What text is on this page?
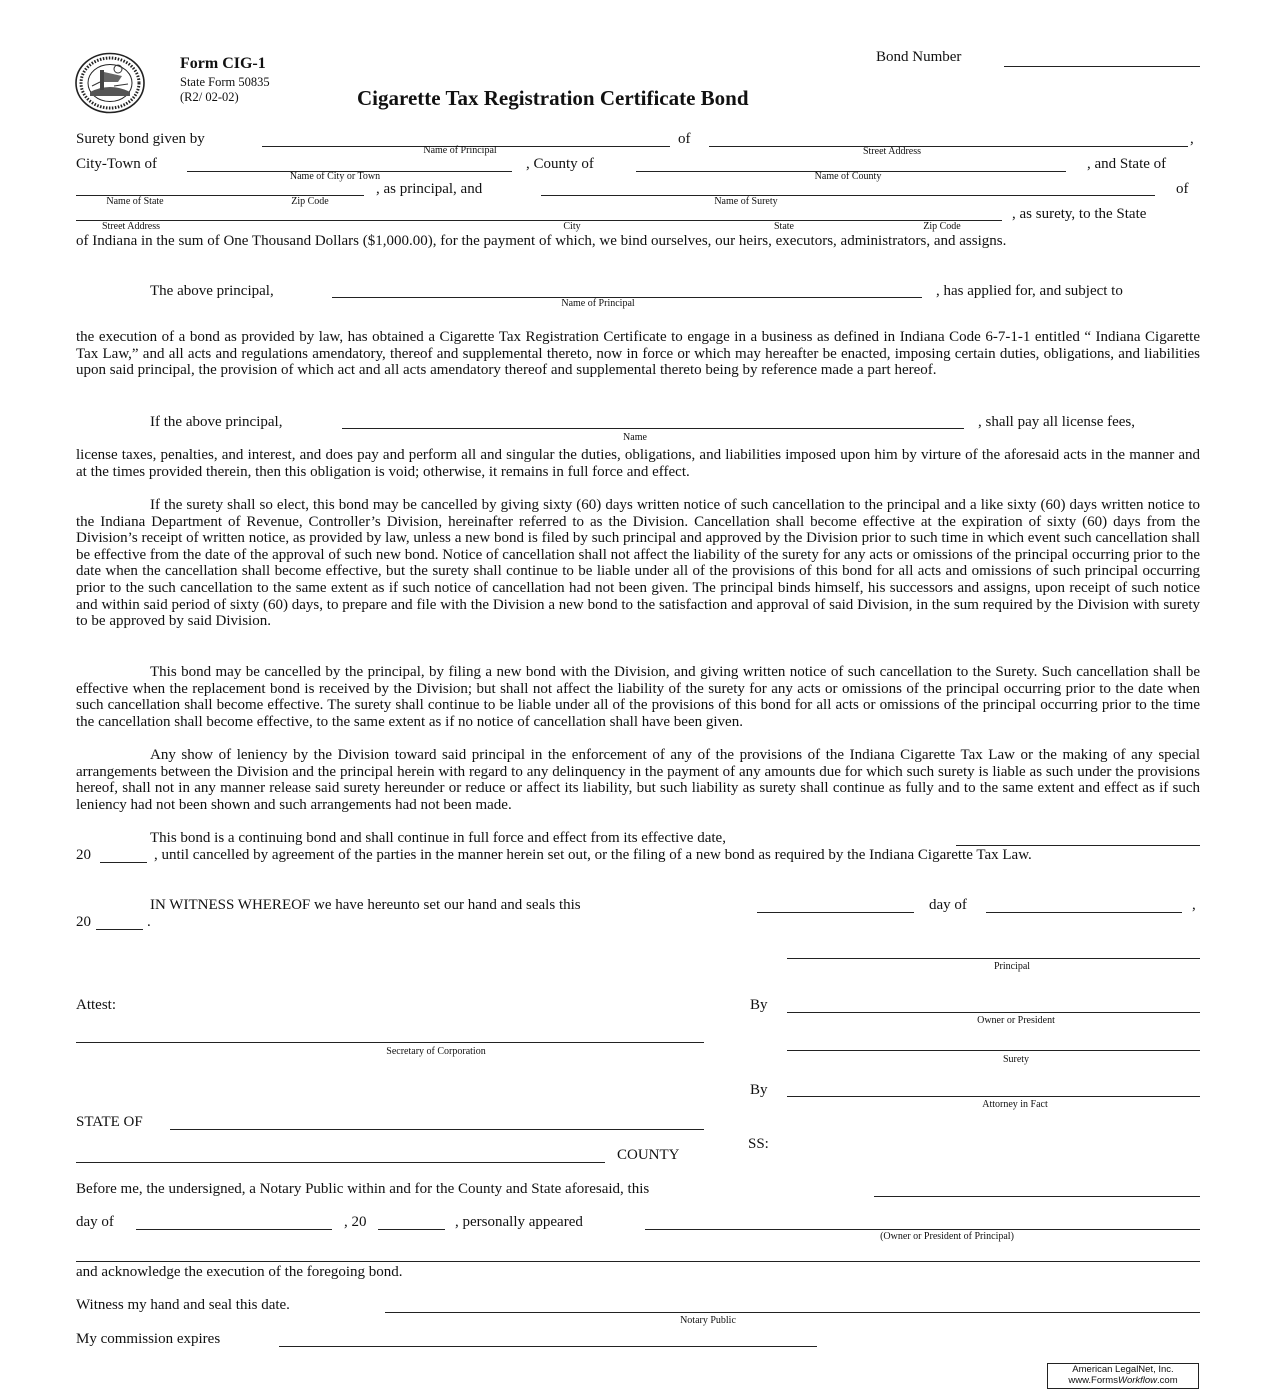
Form CIG-1
State Form 50835
(R2/ 02-02)	Cigarette Tax Registration Certificate Bond
Bond Number
Surety bond given by
Name of Principal
of
Street Address
,
City-Town of
Name of City or Town
, County of
Name of County
, and State of
Name of State	Zip Code
, as principal, and
Name of Surety
of
Street Address	City	State	Zip Code
, as surety, to the State
of Indiana in the sum of One Thousand Dollars ($1,000.00), for the payment of which, we bind ourselves, our heirs, executors, administrators, and assigns.
The above principal,
Name of Principal
, has applied for, and subject to
the execution of a bond as provided by law, has obtained a Cigarette Tax Registration Certificate to engage in a business as defined in Indiana Code 6-7-1-1 entitled “ Indiana Cigarette Tax Law,” and all acts and regulations amendatory, thereof and supplemental thereto, now in force or which may hereafter be enacted, imposing certain duties, obligations, and liabilities upon said principal, the provision of which act and all acts amendatory thereof and supplemental thereto being by reference made a part hereof.
If the above principal,
Name
, shall pay all license fees,
license taxes, penalties, and interest, and does pay and perform all and singular the duties, obligations, and liabilities imposed upon him by virture of the aforesaid acts in the manner and at the times provided therein, then this obligation is void; otherwise, it remains in full force and effect.
If the surety shall so elect, this bond may be cancelled by giving sixty (60) days written notice of such cancellation to the principal and a like sixty (60) days written notice to the Indiana Department of Revenue, Controller’s Division, hereinafter referred to as the Division. Cancellation shall become effective at the expiration of sixty (60) days from the Division’s receipt of written notice, as provided by law, unless a new bond is filed by such principal and approved by the Division prior to such time in which event such cancellation shall be effective from the date of the approval of such new bond. Notice of cancellation shall not affect the liability of the surety for any acts or omissions of the principal occurring prior to the date when the cancellation shall become effective, but the surety shall continue to be liable under all of the provisions of this bond for all acts and omissions of such principal occurring prior to the such cancellation to the same extent as if such notice of cancellation had not been given. The principal binds himself, his successors and assigns, upon receipt of such notice and within said period of sixty (60) days, to prepare and file with the Division a new bond to the satisfaction and approval of said Division, in the sum required by the Division with surety to be approved by said Division.
This bond may be cancelled by the principal, by filing a new bond with the Division, and giving written notice of such cancellation to the Surety. Such cancellation shall be effective when the replacement bond is received by the Division; but shall not affect the liability of the surety for any acts or omissions of the principal occurring prior to the date when such cancellation shall become effective. The surety shall continue to be liable under all of the provisions of this bond for all acts or omissions of the principal occurring prior to the time the cancellation shall become effective, to the same extent as if no notice of cancellation shall have been given.
Any show of leniency by the Division toward said principal in the enforcement of any of the provisions of the Indiana Cigarette Tax Law or the making of any special arrangements between the Division and the principal herein with regard to any delinquency in the payment of any amounts due for which such surety is liable as such under the provisions hereof, shall not in any manner release said surety hereunder or reduce or affect its liability, but such liability as surety shall continue as fully and to the same extent and effect as if such leniency had not been shown and such arrangements had not been made.
This bond is a continuing bond and shall continue in full force and effect from its effective date,
20	, until cancelled by agreement of the parties in the manner herein set out, or the filing of a new bond as required by the Indiana Cigarette Tax Law.
IN WITNESS WHEREOF we have hereunto set our hand and seals this	day of	,
20	.
Principal
Attest:	By
Owner or President
Secretary of Corporation
Surety
By
Attorney in Fact
STATE OF
SS:
COUNTY
Before me, the undersigned, a Notary Public within and for the County and State aforesaid, this
day of	, 20	, personally appeared
(Owner or President of Principal)
and acknowledge the execution of the foregoing bond.
Witness my hand and seal this date.
Notary Public
My commission expires
American LegalNet, Inc.
www.FormsWorkflow.com
